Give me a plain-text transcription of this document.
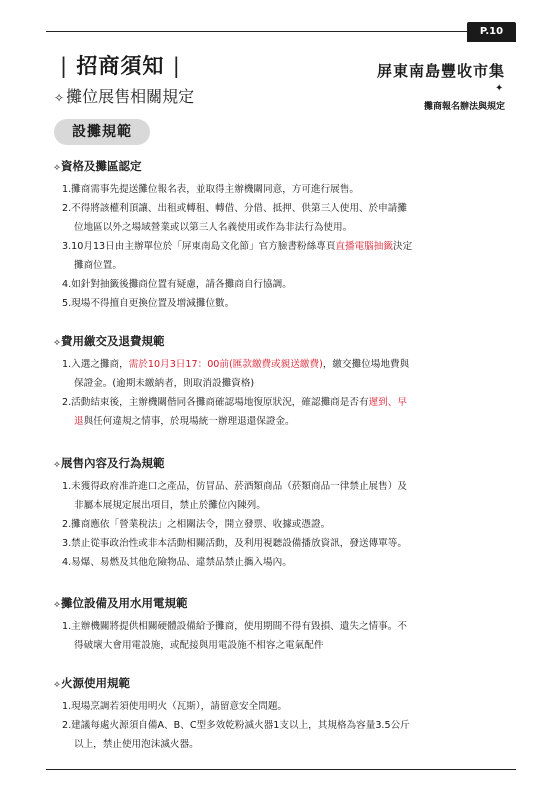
P.10
| 招商須知 |
✧ 攤位展售相關規定
屏東南島豐收市集
✦
攤商報名辦法與規定
設攤規範
⟡資格及攤區認定
1.攤商需事先提送攤位報名表，並取得主辦機關同意，方可進行展售。
2.不得將該權利頂讓、出租或轉租、轉借、分借、抵押、供第三人使用、於申請攤
位地區以外之場域營業或以第三人名義使用或作為非法行為使用。
3.10月13日由主辦單位於「屏東南島文化節」官方臉書粉絲專頁直播電腦抽籤決定
攤商位置。
4.如針對抽籤後攤商位置有疑慮，請各攤商自行協調。
5.現場不得擅自更換位置及增減攤位數。
⟡費用繳交及退費規範
1.入選之攤商，需於10月3日17：00前(匯款繳費或親送繳費)，繳交攤位場地費與
保證金。(逾期未繳納者，則取消設攤資格)
2.活動結束後，主辦機關偕同各攤商確認場地復原狀況，確認攤商是否有遲到、早
退與任何違規之情事，於現場統一辦理退還保證金。
⟡展售內容及行為規範
1.未獲得政府准許進口之產品，仿冒品、菸酒類商品（菸類商品一律禁止展售）及
非屬本展規定展出項目，禁止於攤位內陳列。
2.攤商應依「營業稅法」之相關法令，開立發票、收據或憑證。
3.禁止從事政治性或非本活動相關活動，及利用視聽設備播放資訊，發送傳單等。
4.易爆、易燃及其他危險物品、違禁品禁止攜入場內。
⟡攤位設備及用水用電規範
1.主辦機關將提供相關硬體設備給予攤商，使用期間不得有毀損、遺失之情事。不
得破壞大會用電設施，或配接與用電設施不相容之電氣配件
⟡火源使用規範
1.現場烹調若須使用明火（瓦斯），請留意安全問題。
2.建議每處火源須自備A、B、C型多效乾粉滅火器1支以上，其規格為容量3.5公斤
以上，禁止使用泡沫滅火器。
